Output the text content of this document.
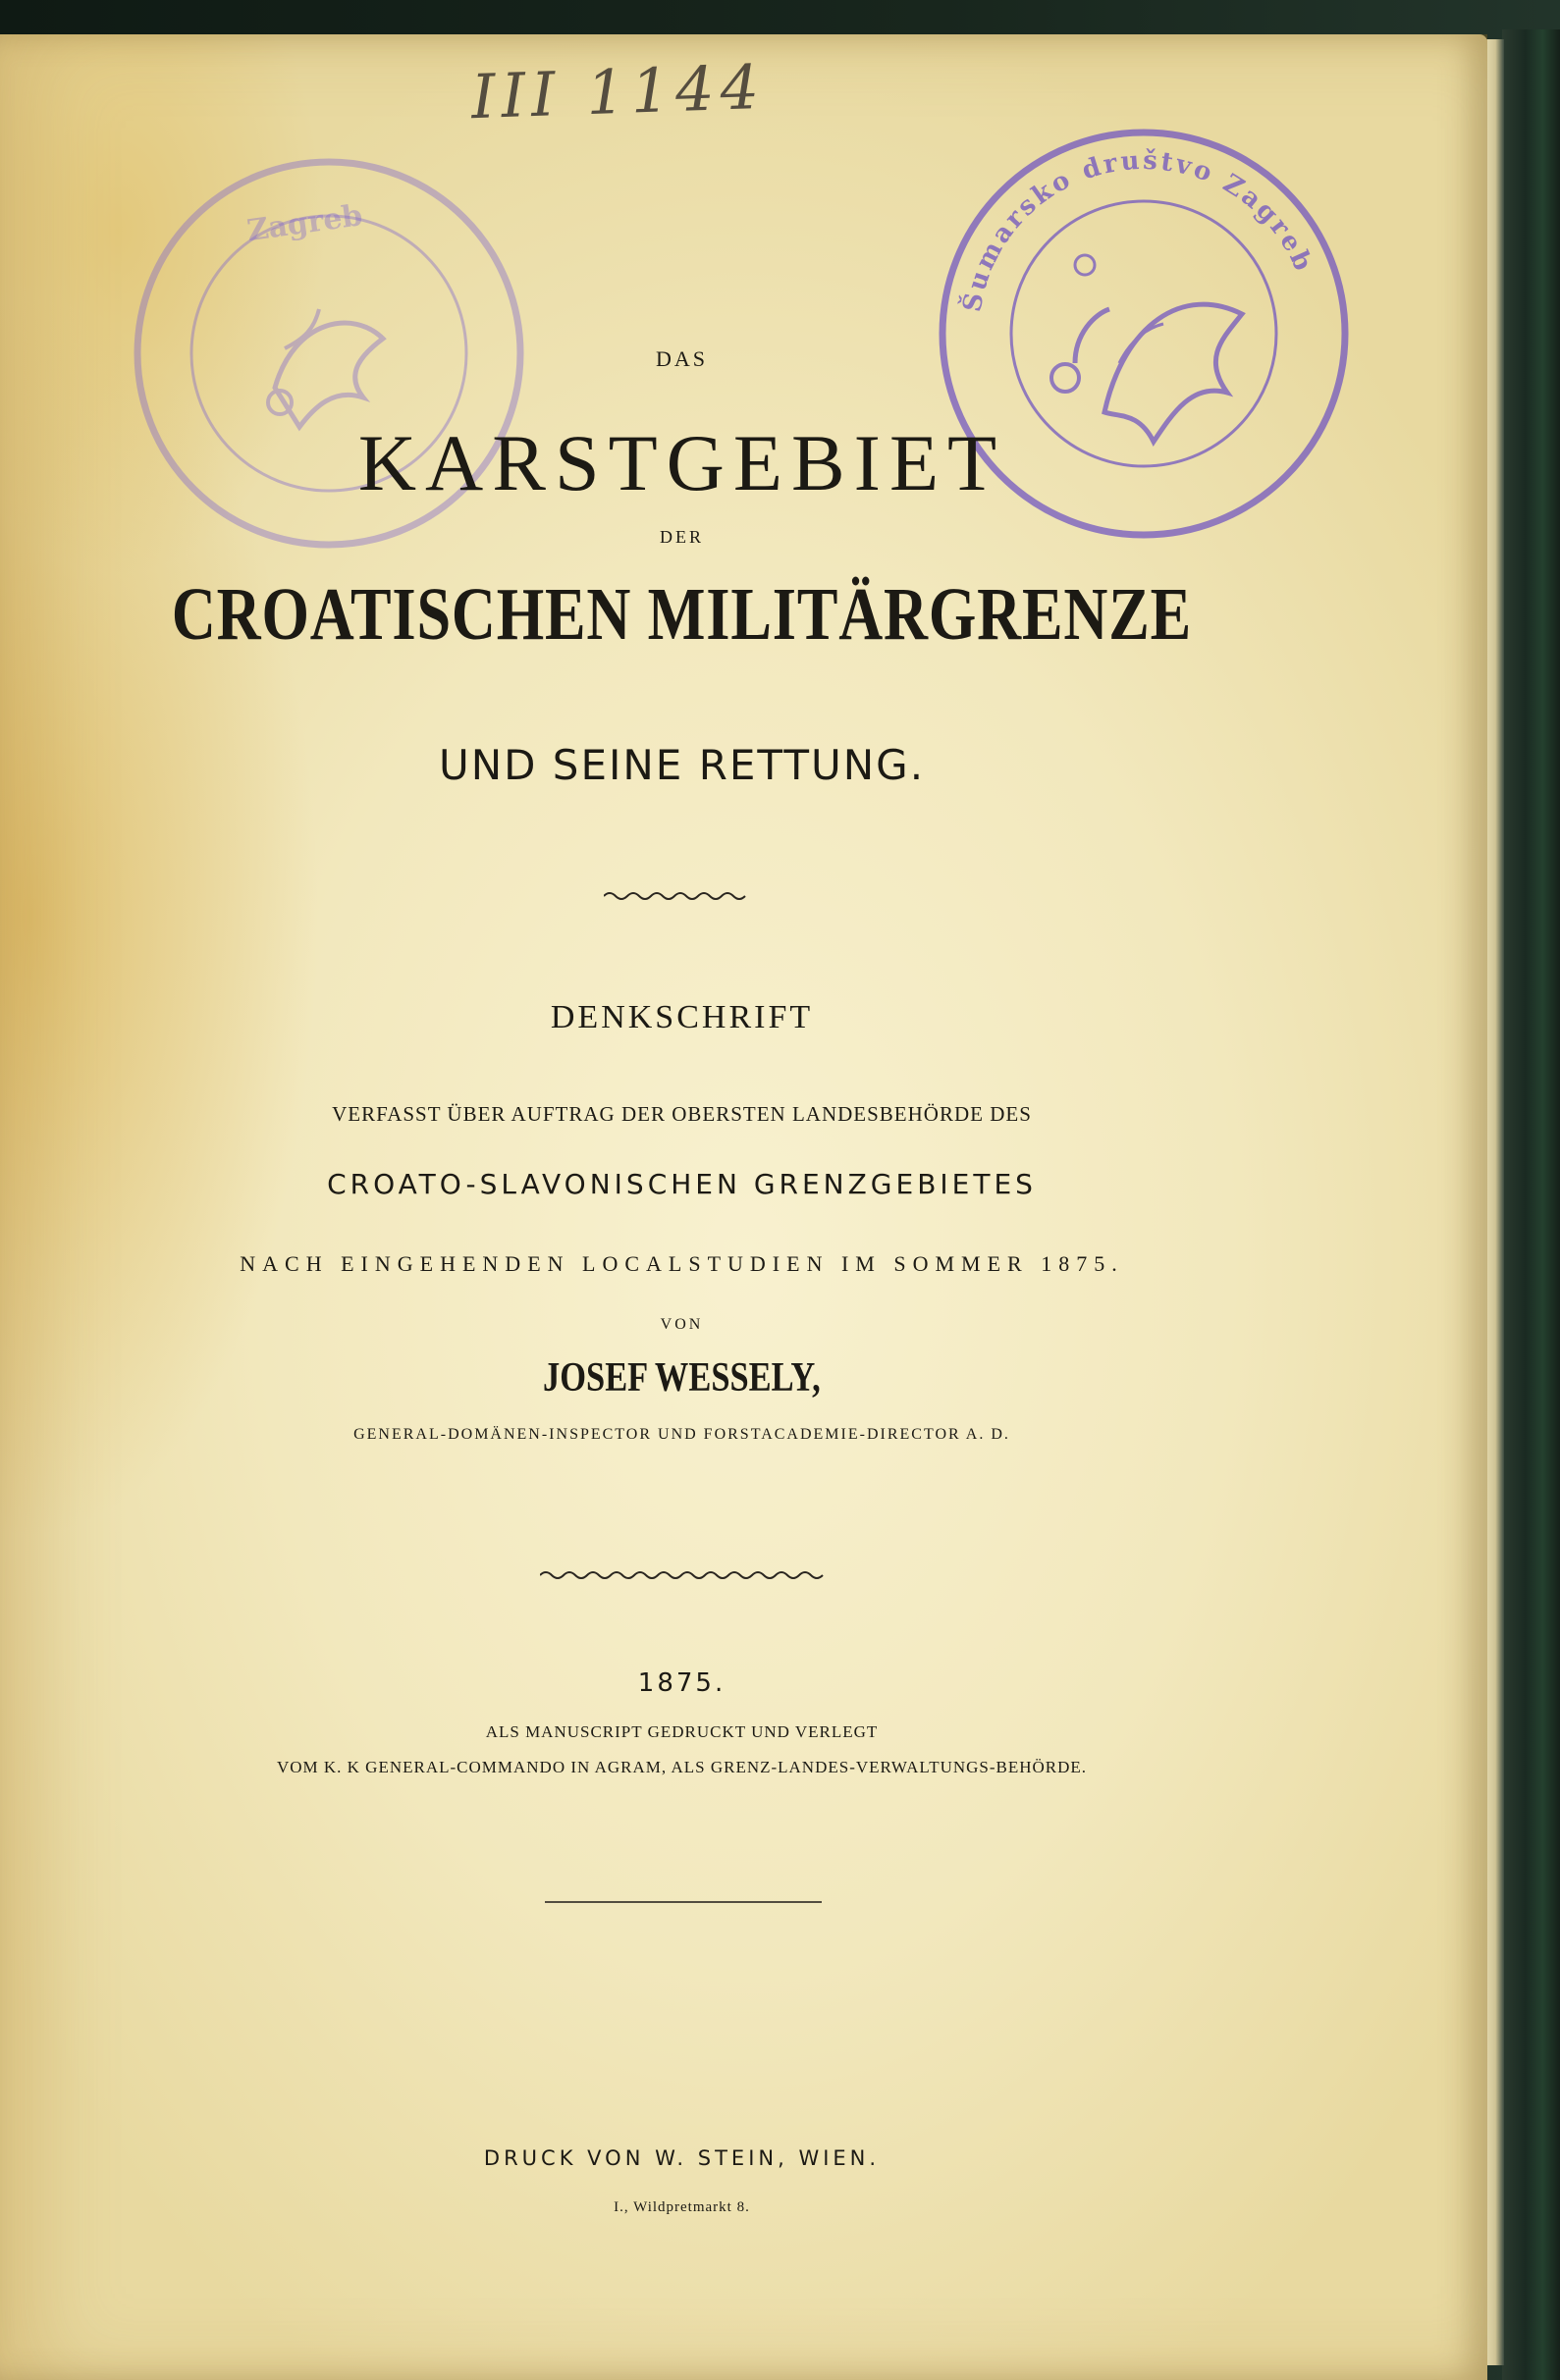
III 1144
Zagreb
Šumarsko društvo Zagreb
DAS
KARSTGEBIET
DER
CROATISCHEN MILITÄRGRENZE
UND SEINE RETTUNG.
DENKSCHRIFT
VERFASST ÜBER AUFTRAG DER OBERSTEN LANDESBEHÖRDE DES
CROATO-SLAVONISCHEN GRENZGEBIETES
NACH EINGEHENDEN LOCALSTUDIEN IM SOMMER 1875.
VON
JOSEF WESSELY,
GENERAL-DOMÄNEN-INSPECTOR UND FORSTACADEMIE-DIRECTOR A. D.
1875.
ALS MANUSCRIPT GEDRUCKT UND VERLEGT
VOM K. K GENERAL-COMMANDO IN AGRAM, ALS GRENZ-LANDES-VERWALTUNGS-BEHÖRDE.
DRUCK VON W. STEIN, WIEN.
I., Wildpretmarkt 8.
